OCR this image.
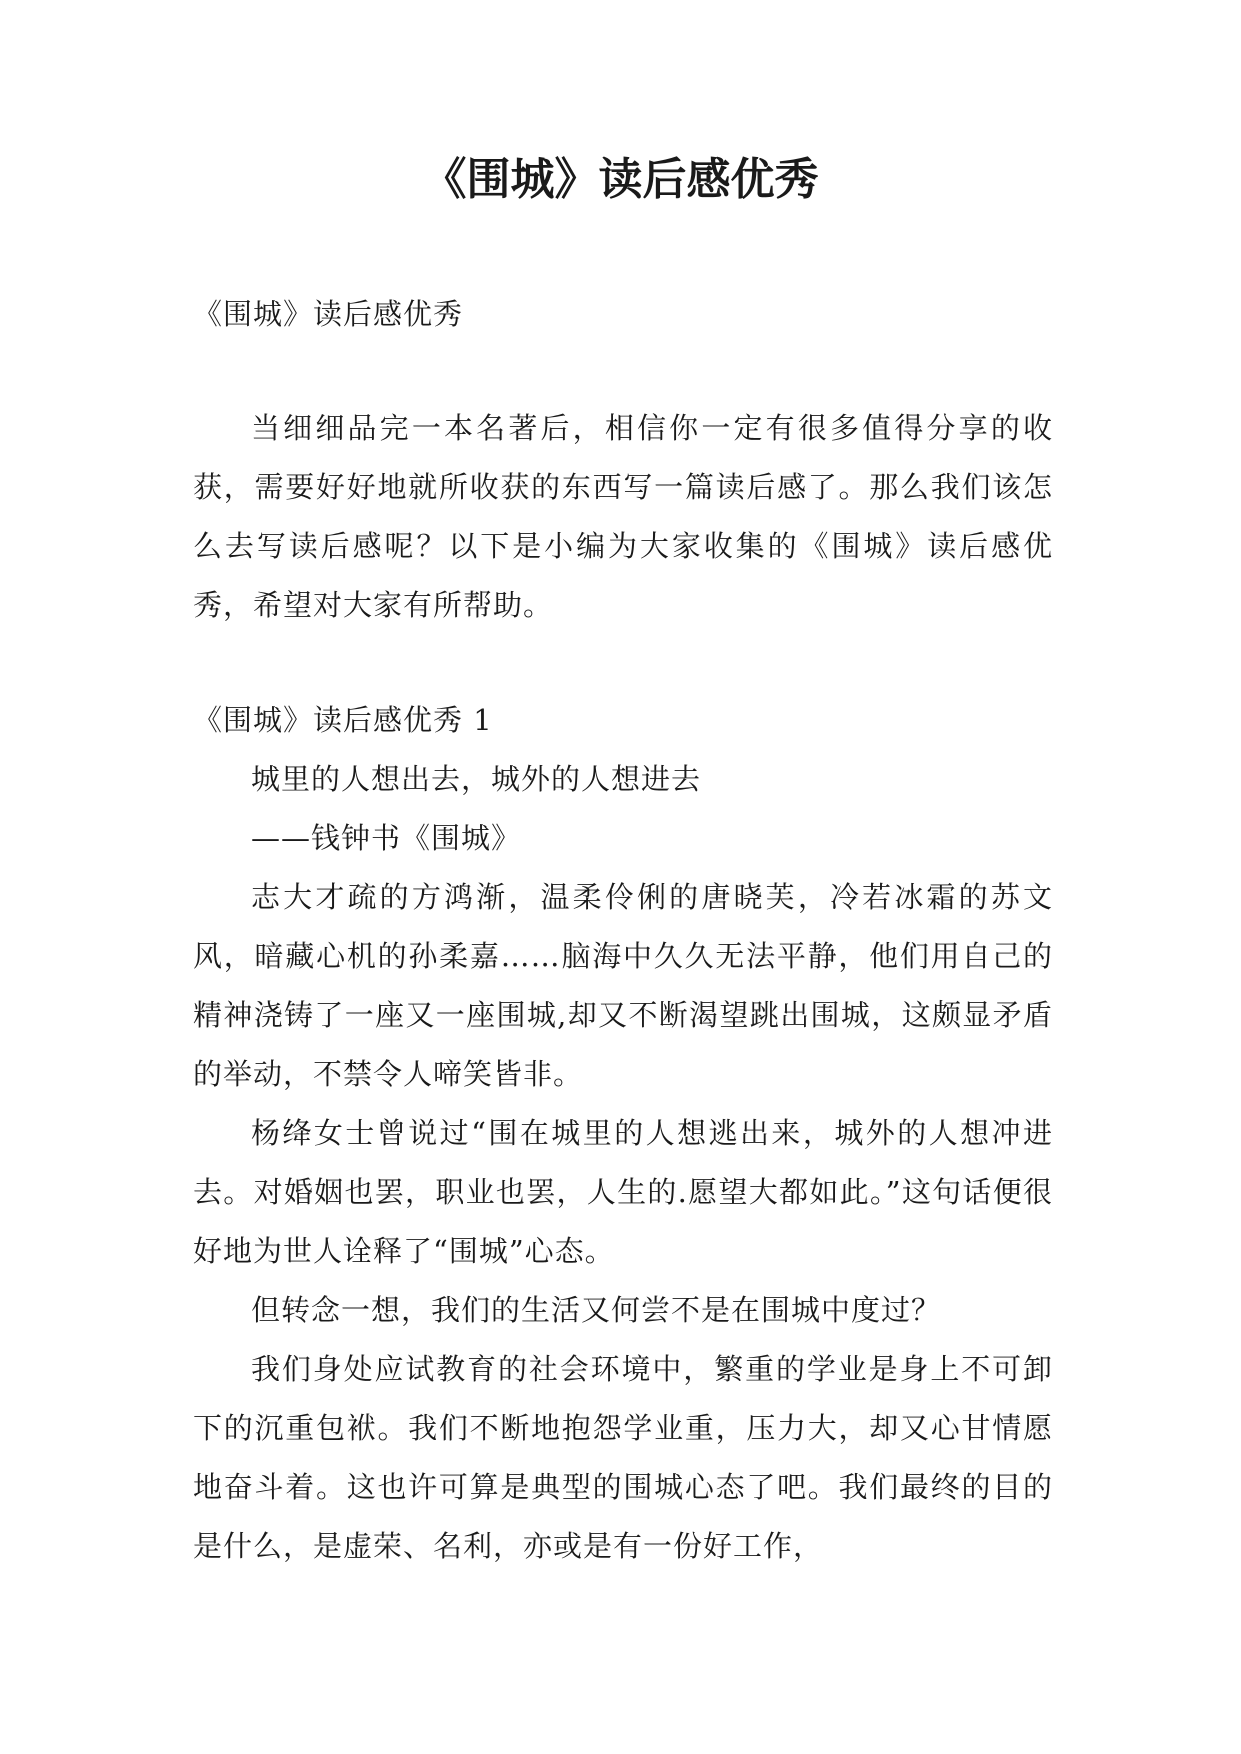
《围城》读后感优秀

《围城》读后感优秀

当细细品完一本名著后，相信你一定有很多值得分享的收获，需要好好地就所收获的东西写一篇读后感了。那么我们该怎么去写读后感呢？以下是小编为大家收集的《围城》读后感优秀，希望对大家有所帮助。

《围城》读后感优秀 1

城里的人想出去，城外的人想进去

——钱钟书《围城》

志大才疏的方鸿渐，温柔伶俐的唐晓芙，冷若冰霜的苏文风，暗藏心机的孙柔嘉……脑海中久久无法平静，他们用自己的精神浇铸了一座又一座围城,却又不断渴望跳出围城，这颇显矛盾的举动，不禁令人啼笑皆非。

杨绛女士曾说过“围在城里的人想逃出来，城外的人想冲进去。对婚姻也罢，职业也罢，人生的.愿望大都如此。”这句话便很好地为世人诠释了“围城”心态。

但转念一想，我们的生活又何尝不是在围城中度过？

我们身处应试教育的社会环境中，繁重的学业是身上不可卸下的沉重包袱。我们不断地抱怨学业重，压力大，却又心甘情愿地奋斗着。这也许可算是典型的围城心态了吧。我们最终的目的是什么，是虚荣、名利，亦或是有一份好工作，
